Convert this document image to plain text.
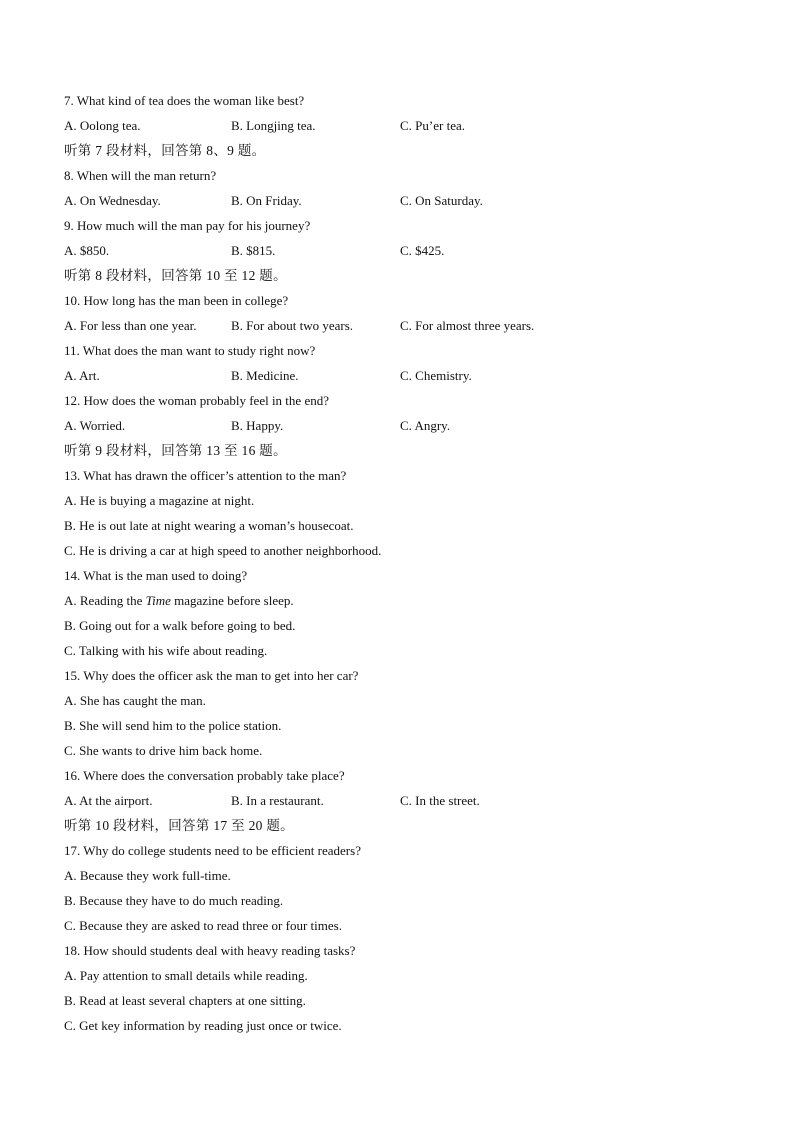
7. What kind of tea does the woman like best?
A. Oolong tea.	B. Longjing tea.	C. Pu’er tea.
听第 7 段材料，回答第 8、9 题。
8. When will the man return?
A. On Wednesday.	B. On Friday.	C. On Saturday.
9. How much will the man pay for his journey?
A. $850.	B. $815.	C. $425.
听第 8 段材料，回答第 10 至 12 题。
10. How long has the man been in college?
A. For less than one year.	B. For about two years.	C. For almost three years.
11. What does the man want to study right now?
A. Art.	B. Medicine.	C. Chemistry.
12. How does the woman probably feel in the end?
A. Worried.	B. Happy.	C. Angry.
听第 9 段材料，回答第 13 至 16 题。
13. What has drawn the officer’s attention to the man?
A. He is buying a magazine at night.
B. He is out late at night wearing a woman’s housecoat.
C. He is driving a car at high speed to another neighborhood.
14. What is the man used to doing?
A. Reading the Time magazine before sleep.
B. Going out for a walk before going to bed.
C. Talking with his wife about reading.
15. Why does the officer ask the man to get into her car?
A. She has caught the man.
B. She will send him to the police station.
C. She wants to drive him back home.
16. Where does the conversation probably take place?
A. At the airport.	B. In a restaurant.	C. In the street.
听第 10 段材料，回答第 17 至 20 题。
17. Why do college students need to be efficient readers?
A. Because they work full-time.
B. Because they have to do much reading.
C. Because they are asked to read three or four times.
18. How should students deal with heavy reading tasks?
A. Pay attention to small details while reading.
B. Read at least several chapters at one sitting.
C. Get key information by reading just once or twice.
